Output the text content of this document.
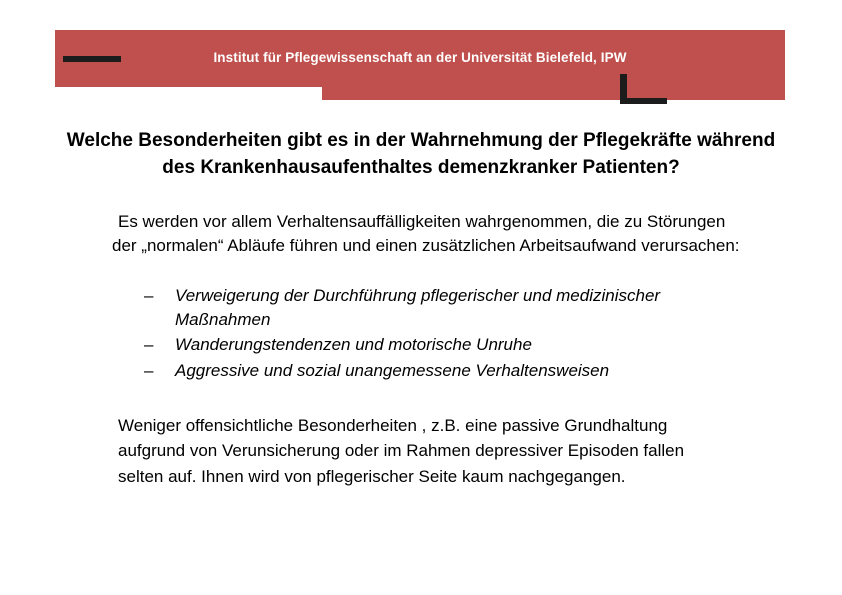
Institut für Pflegewissenschaft an der Universität Bielefeld, IPW
Welche Besonderheiten gibt es in der Wahrnehmung der Pflegekräfte während des Krankenhausaufenthaltes demenzkranker Patienten?
Es werden vor allem Verhaltensauffälligkeiten wahrgenommen, die zu Störungen der „normalen“ Abläufe führen und einen zusätzlichen Arbeitsaufwand verursachen:
– Verweigerung der Durchführung pflegerischer und medizinischer Maßnahmen
– Wanderungstendenzen und motorische Unruhe
– Aggressive und sozial unangemessene Verhaltensweisen
Weniger offensichtliche Besonderheiten , z.B. eine passive Grundhaltung aufgrund von Verunsicherung oder im Rahmen depressiver Episoden fallen selten auf. Ihnen wird von pflegerischer Seite kaum nachgegangen.
